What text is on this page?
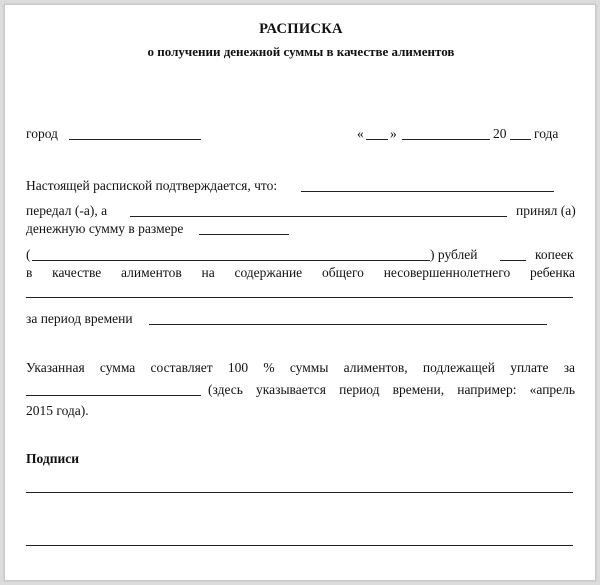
РАСПИСКА
о получении денежной суммы в качестве алиментов
город	« »	20 года
Настоящей распиской подтверждается, что:
передал (-а), а	принял (а)
денежную сумму в размере
(	) рублей	копеек
в качестве алиментов на содержание общего несовершеннолетнего ребенка
за период времени
Указанная сумма составляет 100 % суммы алиментов, подлежащей уплате за
(здесь указывается период времени, например: «апрель
2015 года).
Подписи
